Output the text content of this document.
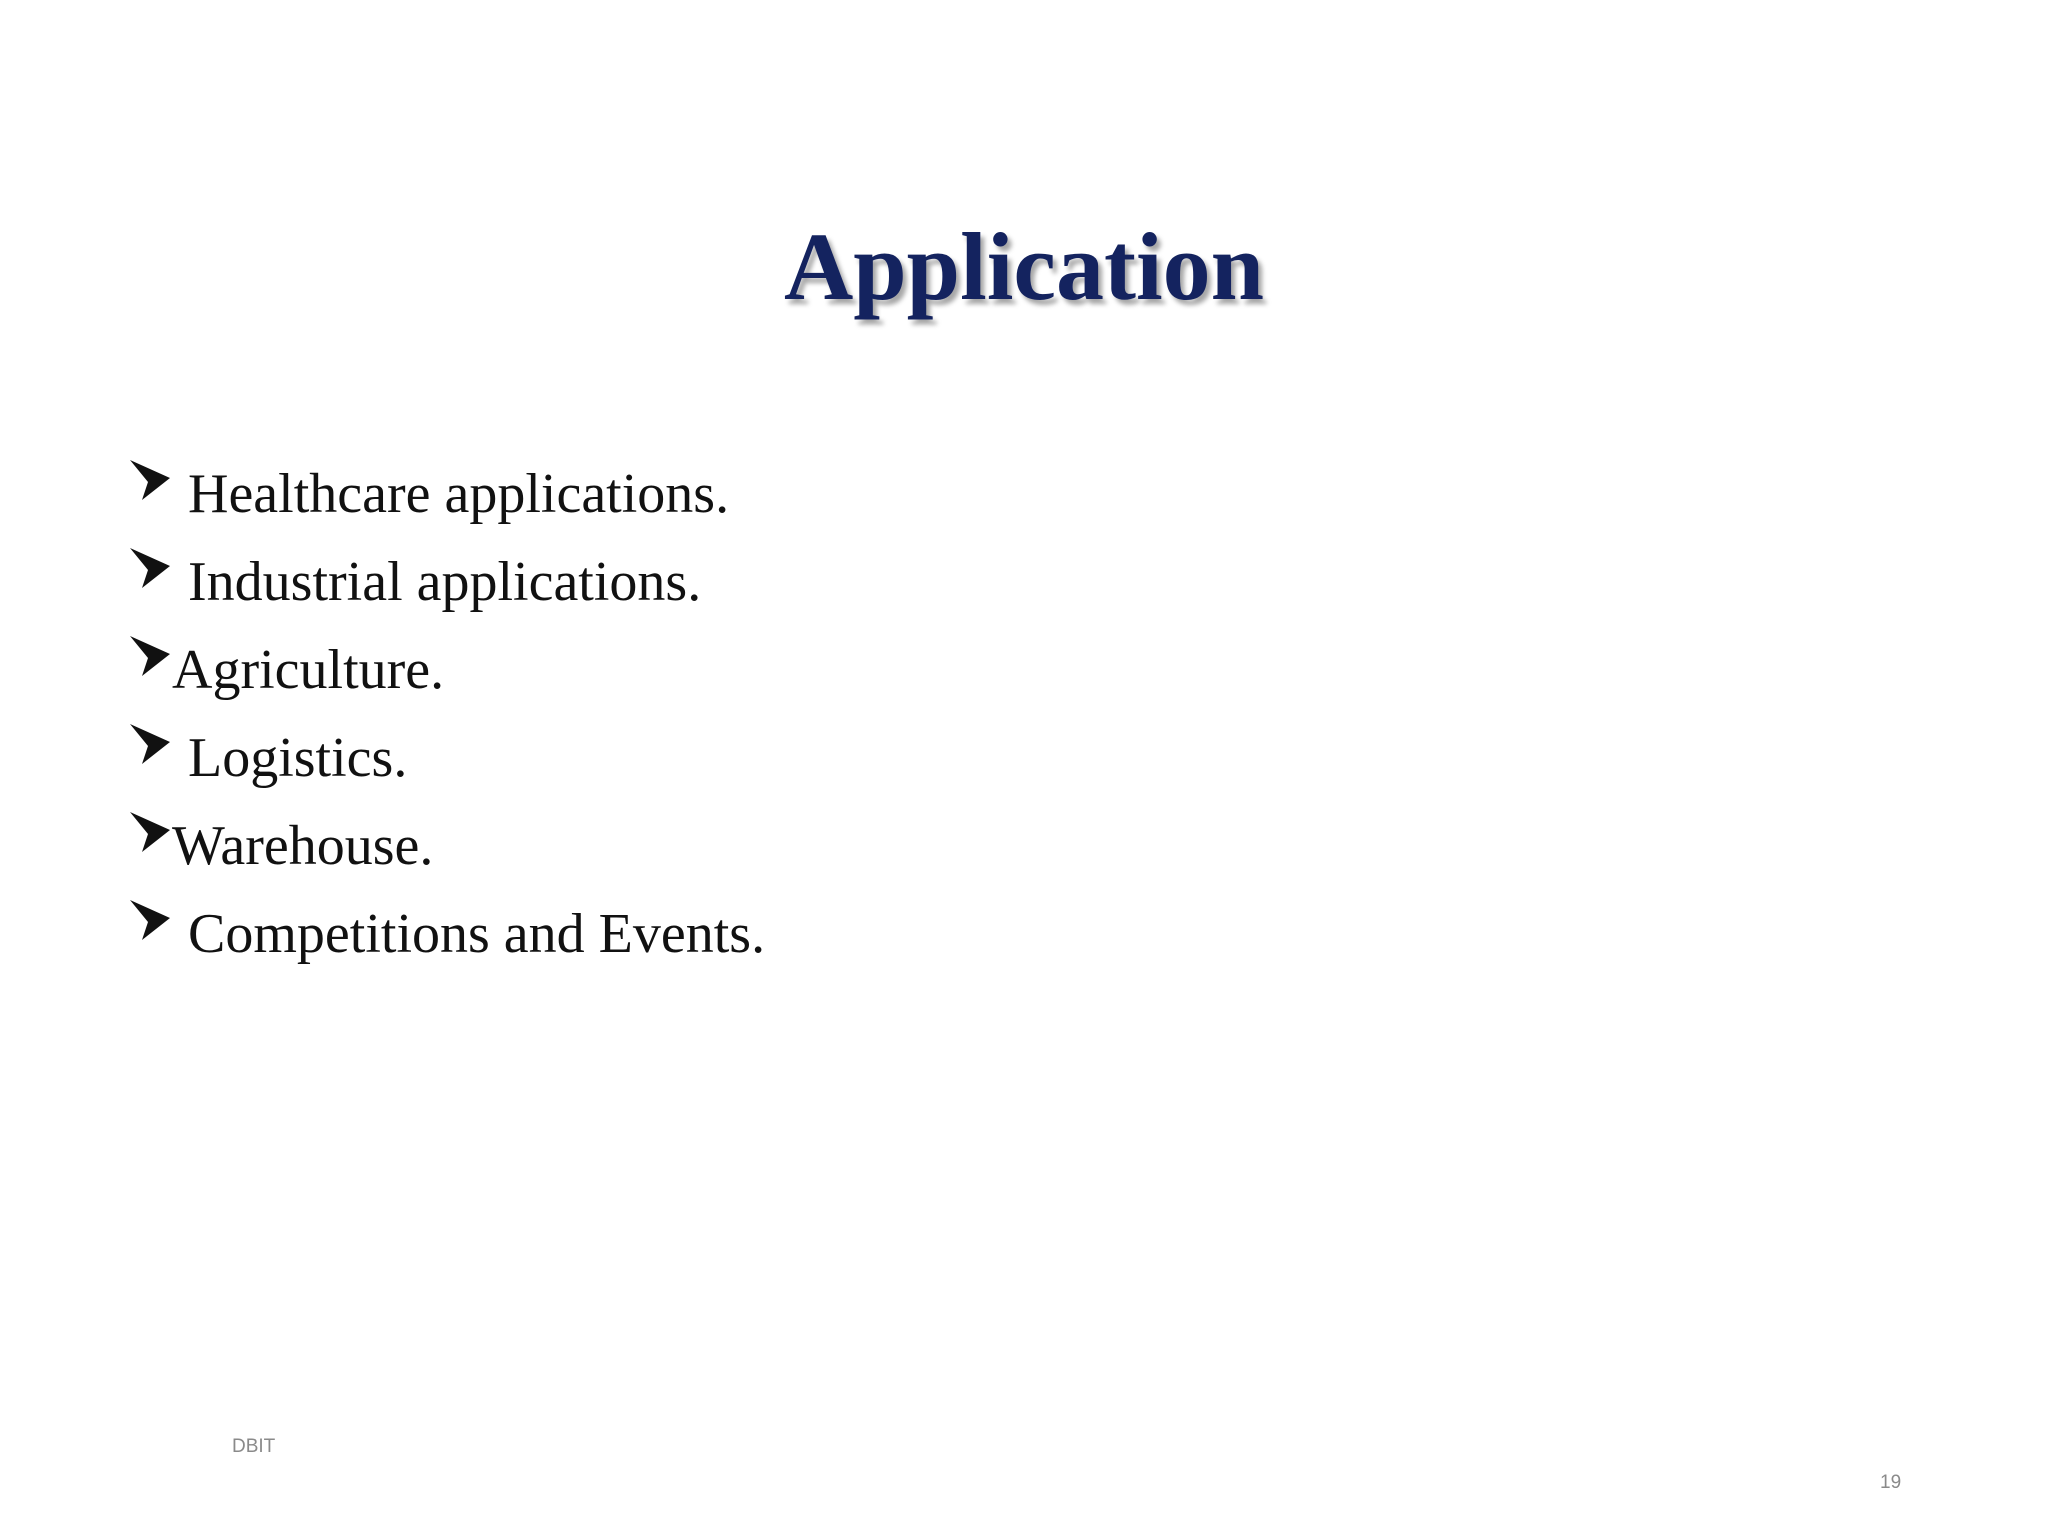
Application
Healthcare applications.
Industrial applications.
Agriculture.
Logistics.
Warehouse.
Competitions and Events.
DBIT
19
